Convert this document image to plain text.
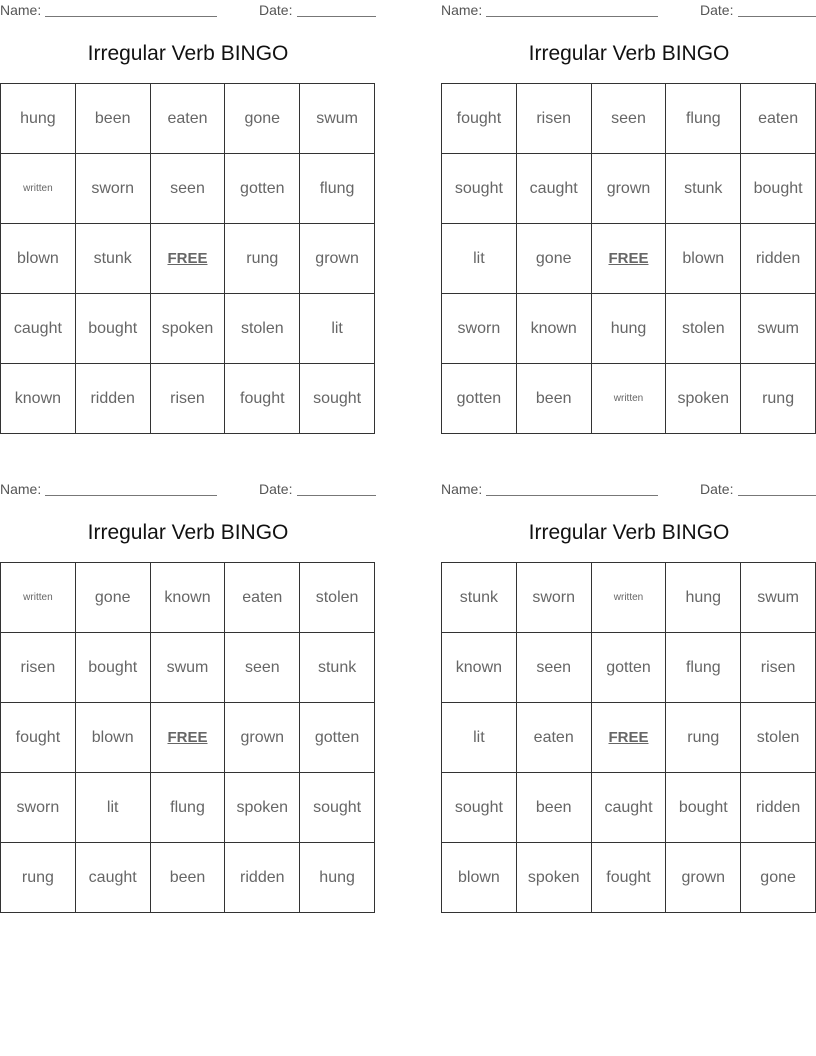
Name:	Date:
Irregular Verb BINGO
hung	been	eaten	gone	swum
written	sworn	seen	gotten	flung
blown	stunk	FREE	rung	grown
caught	bought	spoken	stolen	lit
known	ridden	risen	fought	sought
Name:	Date:
Irregular Verb BINGO
fought	risen	seen	flung	eaten
sought	caught	grown	stunk	bought
lit	gone	FREE	blown	ridden
sworn	known	hung	stolen	swum
gotten	been	written	spoken	rung
Name:	Date:
Irregular Verb BINGO
written	gone	known	eaten	stolen
risen	bought	swum	seen	stunk
fought	blown	FREE	grown	gotten
sworn	lit	flung	spoken	sought
rung	caught	been	ridden	hung
Name:	Date:
Irregular Verb BINGO
stunk	sworn	written	hung	swum
known	seen	gotten	flung	risen
lit	eaten	FREE	rung	stolen
sought	been	caught	bought	ridden
blown	spoken	fought	grown	gone
